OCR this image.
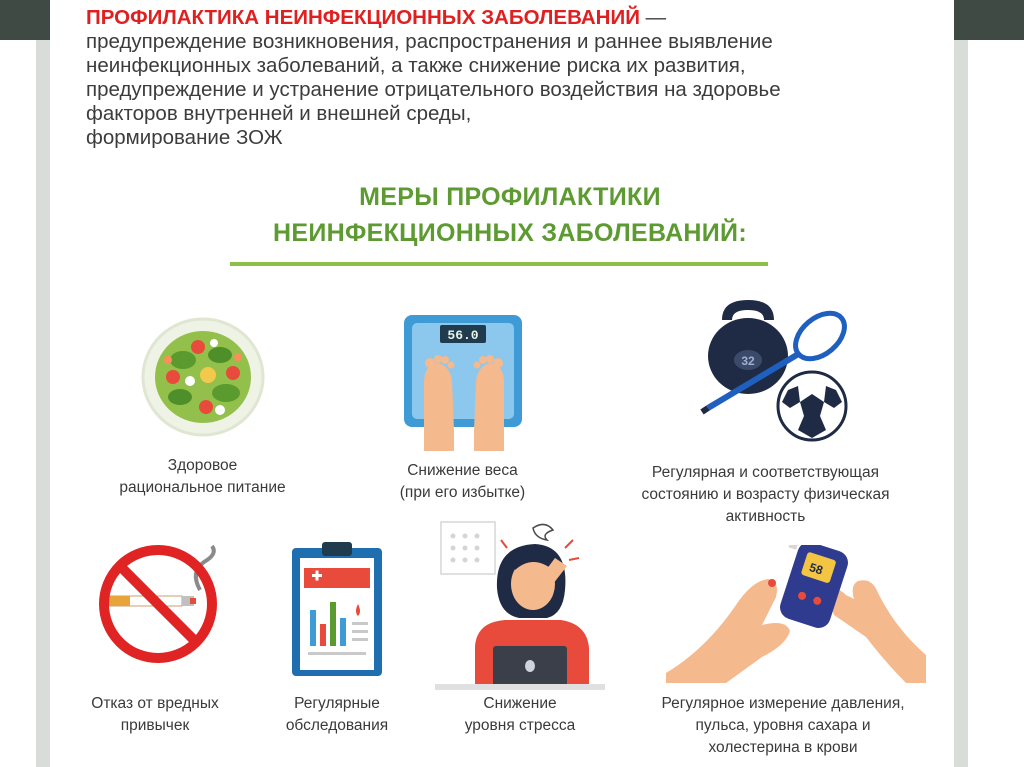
ПРОФИЛАКТИКА НЕИНФЕКЦИОННЫХ ЗАБОЛЕВАНИЙ —
предупреждение возникновения, распространения и раннее выявление
неинфекционных заболеваний, а также снижение риска их развития,
предупреждение и устранение отрицательного воздействия на здоровье
факторов внутренней и внешней среды,
формирование ЗОЖ
МЕРЫ ПРОФИЛАКТИКИ
НЕИНФЕКЦИОННЫХ ЗАБОЛЕВАНИЙ:
Здоровое
рациональное питание
56.0
Снижение веса
(при его избытке)
32
Регулярная и соответствующая
состоянию и возрасту физическая
активность
Отказ от вредных
привычек
Регулярные
обследования
Снижение
уровня стресса
58
Регулярное измерение давления,
пульса, уровня сахара и
холестерина в крови
